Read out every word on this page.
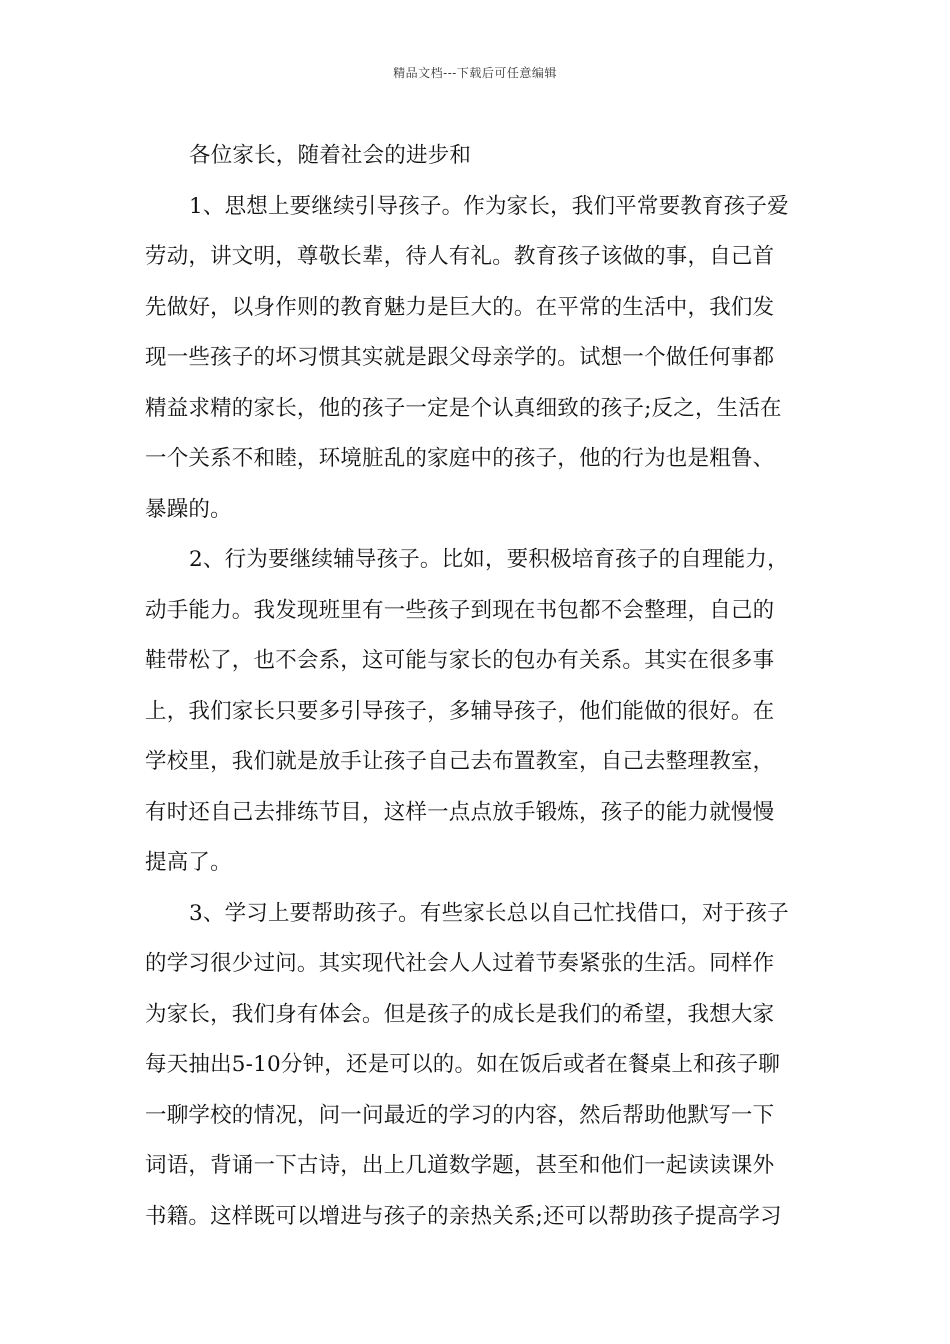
精品文档---下载后可任意编辑
各位家长，随着社会的进步和
1、思想上要继续引导孩子。作为家长，我们平常要教育孩子爱
劳动，讲文明，尊敬长辈，待人有礼。教育孩子该做的事，自己首
先做好，以身作则的教育魅力是巨大的。在平常的生活中，我们发
现一些孩子的坏习惯其实就是跟父母亲学的。试想一个做任何事都
精益求精的家长，他的孩子一定是个认真细致的孩子;反之，生活在
一个关系不和睦，环境脏乱的家庭中的孩子，他的行为也是粗鲁、
暴躁的。
2、行为要继续辅导孩子。比如，要积极培育孩子的自理能力，
动手能力。我发现班里有一些孩子到现在书包都不会整理，自己的
鞋带松了，也不会系，这可能与家长的包办有关系。其实在很多事
上，我们家长只要多引导孩子，多辅导孩子，他们能做的很好。在
学校里，我们就是放手让孩子自己去布置教室，自己去整理教室，
有时还自己去排练节目，这样一点点放手锻炼，孩子的能力就慢慢
提高了。
3、学习上要帮助孩子。有些家长总以自己忙找借口，对于孩子
的学习很少过问。其实现代社会人人过着节奏紧张的生活。同样作
为家长，我们身有体会。但是孩子的成长是我们的希望，我想大家
每天抽出5-10分钟，还是可以的。如在饭后或者在餐桌上和孩子聊
一聊学校的情况，问一问最近的学习的内容，然后帮助他默写一下
词语，背诵一下古诗，出上几道数学题，甚至和他们一起读读课外
书籍。这样既可以增进与孩子的亲热关系;还可以帮助孩子提高学习
